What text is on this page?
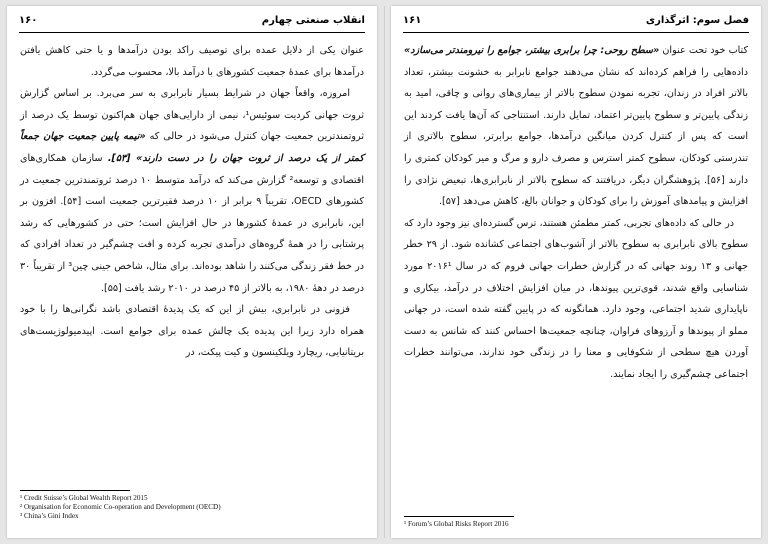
انقلاب صنعتی چهارم
۱۶۰

عنوان یکی از دلایل عمده برای توصیف راکد بودن درآمدها و یا حتی کاهش یافتن درآمدها برای عمدهٔ جمعیت کشورهای با درآمد بالا، محسوب می‌گردد.

امروزه، واقعاً جهان در شرایط بسیار نابرابری به سر می‌برد. بر اساس گزارش ثروت جهانی کردیت سوئیس¹، نیمی از دارایی‌های جهان هم‌اکنون توسط یک درصد از ثروتمندترین جمعیت جهان کنترل می‌شود در حالی که «نیمه پایین جمعیت جهان جمعاً کمتر از یک درصد از ثروت جهان را در دست دارند» [۵۳]. سازمان همکاری‌های اقتصادی و توسعه² گزارش می‌کند که درآمد متوسط ۱۰ درصد ثروتمندترین جمعیت در کشورهای OECD، تقریباً ۹ برابر از ۱۰ درصد فقیرترین جمعیت است [۵۴]. افزون بر این، نابرابری در عمدهٔ کشورها در حال افزایش است؛ حتی در کشورهایی که رشد پرشتابی را در همهٔ گروه‌های درآمدی تجربه کرده و افت چشم‌گیر در تعداد افرادی که در خط فقر زندگی می‌کنند را شاهد بوده‌اند. برای مثال، شاخص جینی چین³ از تقریباً ۳۰ درصد در دههٔ ۱۹۸۰، به بالاتر از ۴۵ درصد در ۲۰۱۰ رشد یافت [۵۵].

فزونی در نابرابری، بیش از این که یک پدیدهٔ اقتصادی باشد نگرانی‌ها را با خود همراه دارد زیرا این پدیده یک چالش عمده برای جوامع است. اپیدمیولوژیست‌های بریتانیایی، ریچارد ویلکینسون و کیت پیکت، در

¹ Credit Suisse’s Global Wealth Report 2015
² Organisation for Economic Co-operation and Development (OECD)
³ China’s Gini Index
فصل سوم: اثرگذاری
۱۶۱

کتاب خود تحت عنوان «سطح روحی: چرا برابری بیشتر، جوامع را نیرومندتر می‌سازد» داده‌هایی را فراهم کرده‌اند که نشان می‌دهند جوامع نابرابر به خشونت بیشتر، تعداد بالاتر افراد در زندان، تجربه نمودن سطوح بالاتر از بیماری‌های روانی و چاقی، امید به زندگی پایین‌تر و سطوح پایین‌تر اعتماد، تمایل دارند. استنتاجی که آن‌ها یافت کردند این است که پس از کنترل کردن میانگین درآمدها، جوامع برابرتر، سطوح بالاتری از تندرستی کودکان، سطوح کمتر استرس و مصرف دارو و مرگ و میر کودکان کمتری را دارند [۵۶]. پژوهشگران دیگر، دریافتند که سطوح بالاتر از نابرابری‌ها، تبعیض نژادی را افزایش و پیامدهای آموزش را برای کودکان و جوانان بالغ، کاهش می‌دهد [۵۷].

در حالی که داده‌های تجربی، کمتر مطمئن هستند، ترس گسترده‌ای نیز وجود دارد که سطوح بالای نابرابری به سطوح بالاتر از آشوب‌های اجتماعی کشانده شود. از ۲۹ خطر جهانی و ۱۳ روند جهانی که در گزارش خطرات جهانی فروم که در سال ۲۰۱۶¹ مورد شناسایی واقع شدند، قوی‌ترین پیوندها، در میان افزایش اختلاف در درآمد، بیکاری و ناپایداری شدید اجتماعی، وجود دارد. همانگونه که در پایین گفته شده است، در جهانی مملو از پیوندها و آرزوهای فراوان، چنانچه جمعیت‌ها احساس کنند که شانس به دست آوردن هیچ سطحی از شکوفایی و معنا را در زندگی خود ندارند، می‌توانند خطرات اجتماعی چشم‌گیری را ایجاد نمایند.

¹ Forum’s Global Risks Report 2016
